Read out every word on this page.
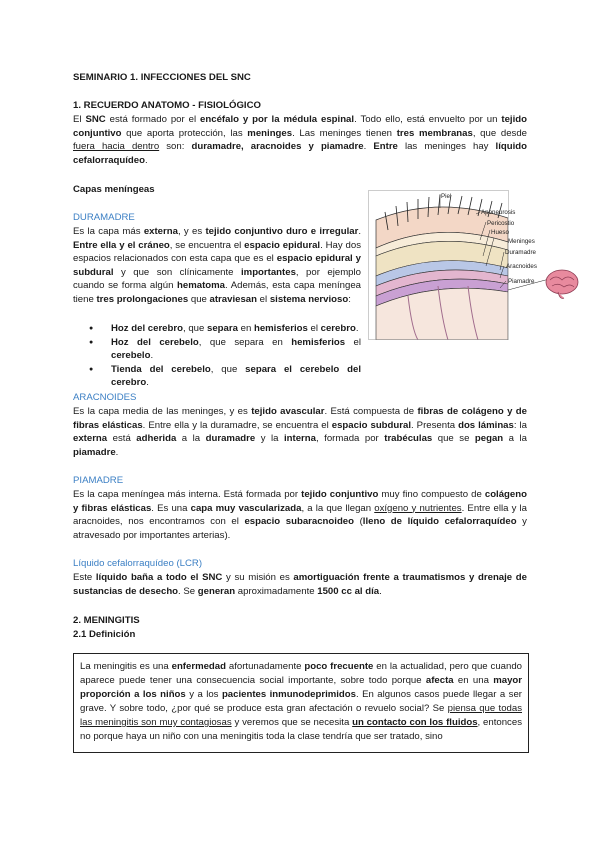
SEMINARIO 1. INFECCIONES DEL SNC
1. RECUERDO ANATOMO - FISIOLÓGICO
El SNC está formado por el encéfalo y por la médula espinal. Todo ello, está envuelto por un tejido conjuntivo que aporta protección, las meninges. Las meninges tienen tres membranas, que desde fuera hacia dentro son: duramadre, aracnoides y piamadre. Entre las meninges hay líquido cefalorraquídeo.
Capas meníngeas
DURAMADRE
Es la capa más externa, y es tejido conjuntivo duro e irregular. Entre ella y el cráneo, se encuentra el espacio epidural. Hay dos espacios relacionados con esta capa que es el espacio epidural y subdural y que son clínicamente importantes, por ejemplo cuando se forma algún hematoma. Además, esta capa meníngea tiene tres prolongaciones que atraviesan el sistema nervioso:
● Hoz del cerebro, que separa en hemisferios el cerebro.
● Hoz del cerebelo, que separa en hemisferios el cerebelo.
● Tienda del cerebelo, que separa el cerebelo del cerebro.
Piel
Aponeurosis
Pericostio
Hueso
Meninges
Duramadre
Aracnoides
Piamadre
ARACNOIDES
Es la capa media de las meninges, y es tejido avascular. Está compuesta de fibras de colágeno y de fibras elásticas. Entre ella y la duramadre, se encuentra el espacio subdural. Presenta dos láminas: la externa está adherida a la duramadre y la interna, formada por trabéculas que se pegan a la piamadre.
PIAMADRE
Es la capa meníngea más interna. Está formada por tejido conjuntivo muy fino compuesto de colágeno y fibras elásticas. Es una capa muy vascularizada, a la que llegan oxígeno y nutrientes. Entre ella y la aracnoides, nos encontramos con el espacio subaracnoideo (lleno de líquido cefalorraquídeo y atravesado por importantes arterias).
Líquido cefalorraquídeo (LCR)
Este líquido baña a todo el SNC y su misión es amortiguación frente a traumatismos y drenaje de sustancias de desecho. Se generan aproximadamente 1500 cc al día.
2. MENINGITIS
2.1 Definición
La meningitis es una enfermedad afortunadamente poco frecuente en la actualidad, pero que cuando aparece puede tener una consecuencia social importante, sobre todo porque afecta en una mayor proporción a los niños y a los pacientes inmunodeprimidos. En algunos casos puede llegar a ser grave. Y sobre todo, ¿por qué se produce esta gran afectación o revuelo social? Se piensa que todas las meningitis son muy contagiosas y veremos que se necesita un contacto con los fluidos, entonces no porque haya un niño con una meningitis toda la clase tendría que ser tratado, sino
